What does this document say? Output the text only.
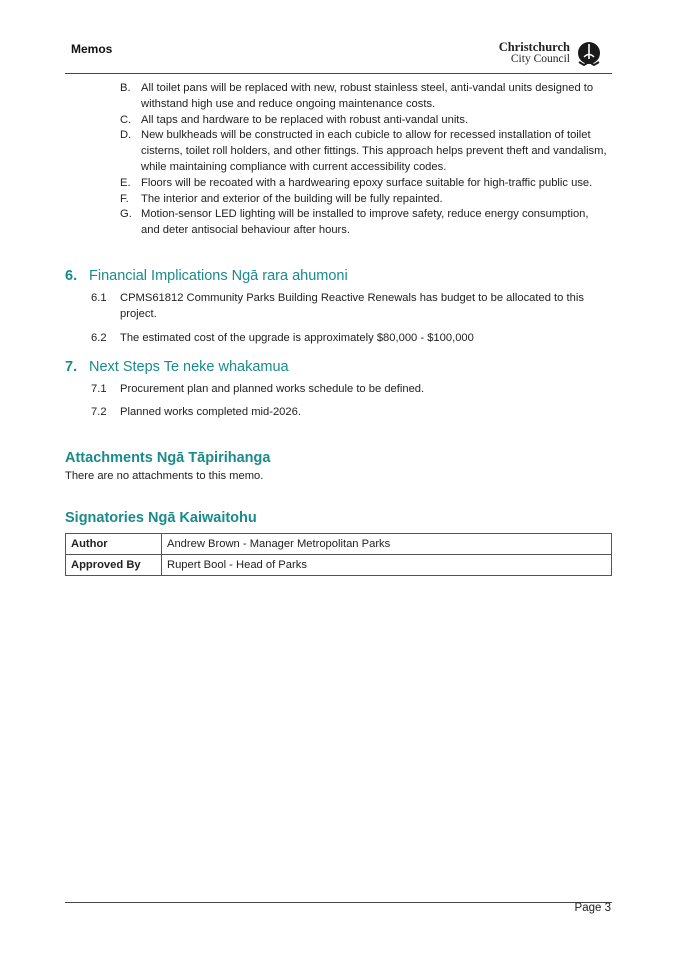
Memos	Christchurch
City Council
B. All toilet pans will be replaced with new, robust stainless steel, anti-vandal units designed to withstand high use and reduce ongoing maintenance costs.
C. All taps and hardware to be replaced with robust anti-vandal units.
D. New bulkheads will be constructed in each cubicle to allow for recessed installation of toilet cisterns, toilet roll holders, and other fittings. This approach helps prevent theft and vandalism, while maintaining compliance with current accessibility codes.
E. Floors will be recoated with a hardwearing epoxy surface suitable for high-traffic public use.
F.	The interior and exterior of the building will be fully repainted.
G. Motion-sensor LED lighting will be installed to improve safety, reduce energy consumption, and deter antisocial behaviour after hours.
6. Financial Implications Ngā rara ahumoni
6.1	CPMS61812 Community Parks Building Reactive Renewals has budget to be allocated to this project.
6.2	The estimated cost of the upgrade is approximately $80,000 - $100,000
7. Next Steps Te neke whakamua
7.1	Procurement plan and planned works schedule to be defined.
7.2	Planned works completed mid-2026.
Attachments Ngā Tāpirihanga
There are no attachments to this memo.
Signatories Ngā Kaiwaitohu
Author	Andrew Brown - Manager Metropolitan Parks
Approved By	Rupert Bool - Head of Parks
Page 3
